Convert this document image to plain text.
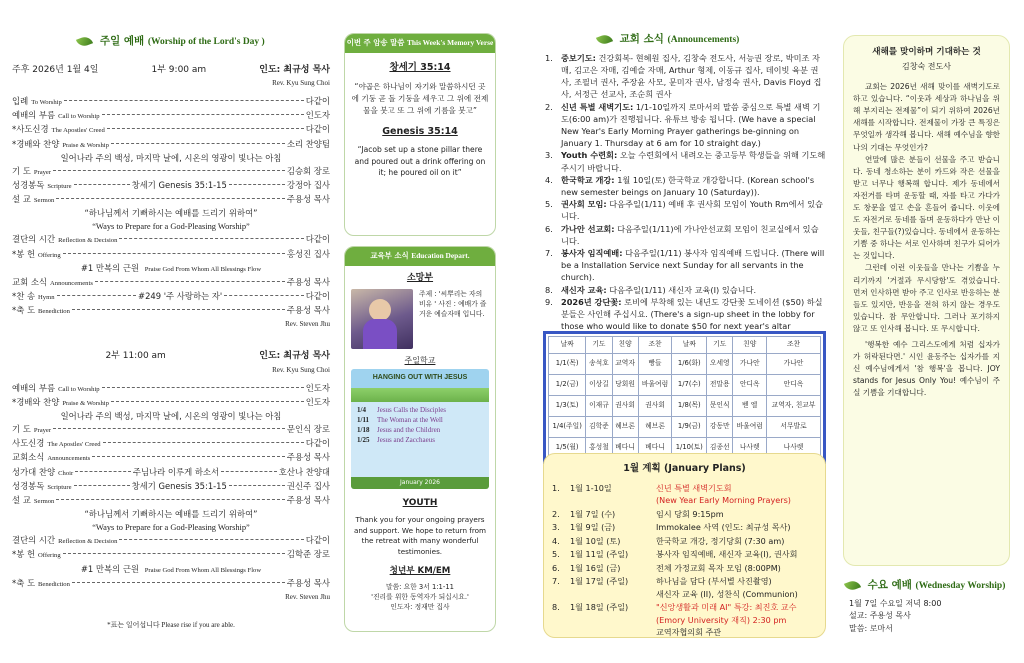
주일 예배 (Worship of the Lord's Day )
주후 2026년 1월 4일	1부 9:00 am	인도: 최규성 목사
Rev. Kyu Sung Choi
입례 To Worship	다같이
예배의 부름 Call to Worship	인도자
*사도신경 The Apostles' Creed	다같이
*경배와 찬양 Praise & Worship	소리 찬양팀
일어나라 주의 백성, 마지막 날에, 시온의 영광이 빛나는 아침
기 도 Prayer	김승회 장로
성경봉독 Scripture	창세기 Genesis 35:1-15	강정아 집사
설 교 Sermon	주용성 목사
“하나님께서 기뻐하시는 예배를 드리기 위하여”
“Ways to Prepare for a God-Pleasing Worship”
결단의 시간 Reflection & Decision	다같이
*봉 헌 Offering	홍성진 집사
#1 만복의 근원 Praise God From Whom All Blessings Flow
교회 소식 Announcements	주용성 목사
*찬 송 Hymn	#249 '주 사랑하는 자'	다같이
*축 도 Benediction	주용성 목사
Rev. Steven Jhu
2부 11:00 am	인도: 최규성 목사
Rev. Kyu Sung Choi
예배의 부름 Call to Worship	인도자
*경배와 찬양 Praise & Worship	인도자
일어나라 주의 백성, 마지막 날에, 시온의 영광이 빛나는 아침
기 도 Prayer	문인식 장로
사도신경 The Apostles' Creed	다같이
교회소식 Announcements	주용성 목사
성가대 찬양 Choir	주님나라 이루게 하소서	호산나 찬양대
성경봉독 Scripture	창세기 Genesis 35:1-15	권신주 집사
설 교 Sermon	주용성 목사
“하나님께서 기뻐하시는 예배를 드리기 위하여”
“Ways to Prepare for a God-Pleasing Worship”
결단의 시간 Reflection & Decision	다같이
*봉 헌 Offering	김학준 장로
#1 만복의 근원 Praise God From Whom All Blessings Flow
*축 도 Benediction	주용성 목사
Rev. Steven Jhu
*표는 일어섭니다 Please rise if you are able.
이번 주 암송 말씀 This Week's Memory Verse
창세기 35:14
“야곱은 하나님이 자기와 말씀하시던 곳에 기둥 곧 돌 기둥을 세우고 그 위에 전제물을 붓고 또 그 위에 기름을 붓고”
Genesis 35:14
“Jacob set up a stone pillar there and poured out a drink offering on it; he poured oil on it”
교육부 소식 Education Depart.
소망부
주제 : '씨뿌리는 자의 비유 ' 사진 : 예배가 즐거운 예슬자매 입니다.
주일학교
HANGING OUT WITH JESUS
1/4 Jesus Calls the Disciples
1/11 The Woman at the Well
1/18 Jesus and the Children
1/25 Jesus and Zacchaeus
January 2026
YOUTH
Thank you for your ongoing prayers and support. We hope to return from the retreat with many wonderful testimonies.
청년부 KM/EM
말씀: 요한 3서 1:1-11
'진리를 위한 동역자가 되십시요.'
인도자: 정재만 집사
교회 소식 (Announcements)
1. 중보기도: 건강회복- 현혜원 집사, 김창숙 전도사, 서능권 장로, 박미조 자매, 김고은 자매, 김예슬 자매, Arthur 형제, 이동규 집사, 데이빗 육분 권사, 조필녀 권사, 주장윤 사모, 문미자 권사, 남정숙 권사, Davis Floyd 집사, 서정근 선교사, 조순희 권사
2. 신년 특별 새벽기도: 1/1-10일까지 로마서의 말씀 중심으로 특별 새벽 기도(6:00 am)가 진행됩니다. 유튜브 방송 됩니다. (We have a special New Year's Early Morning Prayer gatherings be-ginning on January 1. Thursday at 6 am for 10 straight day.)
3. Youth 수련회: 오늘 수련회에서 내려오는 중고등부 학생들을 위해 기도해 주시기 바랍니다.
4. 한국학교 개강: 1월 10일(토) 한국학교 개강합니다. (Korean school's new semester beings on January 10 (Saturday)).
5. 권사회 모임: 다음주일(1/11) 예배 후 권사회 모임이 Youth Rm에서 있습니다.
6. 가나안 선교회: 다음주일(1/11)에 가나안선교회 모임이 친교실에서 있습니다.
7. 봉사자 임직예배: 다음주일(1/11) 봉사자 임직예배 드립니다. (There will be a Installation Service next Sunday for all servants in the church).
8. 새신자 교육: 다음주일(1/11) 새신자 교육(I) 있습니다.
9. 2026년 강단꽃: 로비에 부착해 있는 내년도 강단꽃 도네이션 ($50) 하실 분들은 사인해 주십시요. (There's a sign-up sheet in the lobby for those who would like to donate $50 for next year's altar
날짜	기도	친양	조찬	날짜	기도	친양	조찬
1/1(목)	송석호	교역자	빵들	1/6(화)	오세영	가나안	가나안
1/2(금)	이상길	당회원	바울여럼	1/7(수)	전말용	안디옥	안디옥
1/3(토)	이재규	권사회	권사회	1/8(목)	문인식	벧 엘	교역자, 친교부
1/4(주일)	김학준	헤브론	헤브론	1/9(금)	강동만	바울여럼	서무발로
1/5(월)	홍성철	베다니	베다니	1/10(토)	김종선	나사렛	나사렛
1월 계획 (January Plans)
1.	1월 1-10일	신년 특별 새벽기도회
(New Year Early Morning Prayers)
2.	1월 7일 (수)	임시 당회 9:15pm
3.	1월 9일 (금)	Immokalee 사역 (인도: 최규성 목사)
4.	1월 10일 (토)	한국학교 개강, 정기당회 (7:30 am)
5.	1월 11일 (주일)	봉사자 임직예배, 새신자 교육(I), 권사회
6.	1월 16일 (금)	전체 가정교회 목자 모임 (8:00PM)
7.	1월 17일 (주일)	하나님을 담다 (부서별 사진촬영)
새신자 교육 (II), 성찬식 (Communion)
8.	1월 18일 (주일)	"신앙생활과 미래 AI" 특강: 최진호 교수
(Emory University 재직) 2:30 pm
교역자협의회 주관
새해를 맞이하며 기대하는 것
김창숙 전도사

교회는 2026년 새해 맞이를 새벽기도로 하고 있습니다. “이웃과 세상과 하나님을 위해 부지리는 전제물”이 되기 위하여 2026년 새해를 시작합니다. 전제물이 가장 큰 특징은 무엇일까 생각해 봅니다. 새해 예수님을 향한 나의 기대는 무엇인가?

연말에 많은 분들이 선물을 주고 받습니다. 동네 청소하는 분이 카드와 작은 선물을 받고 너무나 행복해 합니다. 제가 동네에서 자전거를 타며 운동할 때, 자를 타고 가다가도 창문을 열고 손을 흔들어 줍니다. 이웃에도 자전거로 동네를 돌며 운동하다가 만난 이웃들, 친구들(?)있습니다. 동네에서 운동하는 기쁨 중 하나는 서로 인사하며 친구가 되어가는 것입니다.

그런데 이런 이웃들을 만나는 기쁨을 누리기까지 '거절과 무시당함'도 겪었습니다. 먼저 인사하면 받아 주고 인사로 반응하는 분들도 있지만, 반응을 전혀 하지 않는 경우도 있습니다. 참 무안합니다. 그러나 포기하지 않고 또 인사해 봅니다. 또 무시합니다.

'행복한 예수 그리스도에게 처럼 십자가가 허락된다면.' 시인 윤동주는 십자가를 지신 예수님에게서 '참 행복'을 봅니다. JOY stands for Jesus Only You! 예수님이 주실 기쁨을 기대합니다.

수요 예배 (Wednesday Worship)
1월 7일 수요일 저녁 8:00
설교: 주용성 목사
말씀: 로마서
